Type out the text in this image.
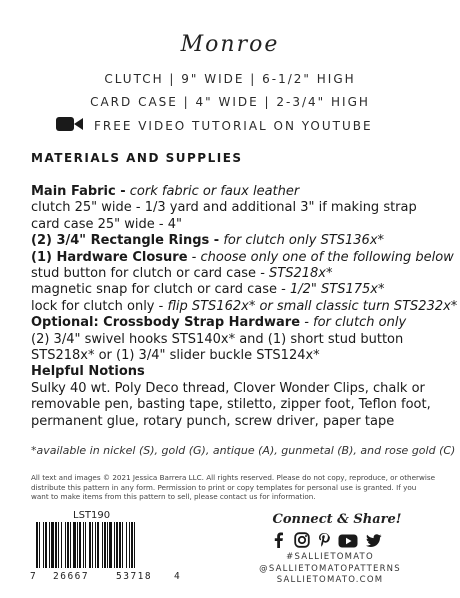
Monroe
CLUTCH | 9" WIDE | 6-1/2" HIGH
CARD CASE | 4" WIDE | 2-3/4" HIGH
FREE VIDEO TUTORIAL ON YOUTUBE
MATERIALS AND SUPPLIES
Main Fabric - cork fabric or faux leather
clutch 25" wide - 1/3 yard and additional 3" if making strap
card case 25" wide - 4"
(2) 3/4" Rectangle Rings - for clutch only STS136x*
(1) Hardware Closure - choose only one of the following below
stud button for clutch or card case - STS218x*
magnetic snap for clutch or card case - 1/2" STS175x*
lock for clutch only - flip STS162x* or small classic turn STS232x*
Optional: Crossbody Strap Hardware - for clutch only
(2) 3/4" swivel hooks STS140x* and (1) short stud button
STS218x* or (1) 3/4" slider buckle STS124x*
Helpful Notions
Sulky 40 wt. Poly Deco thread, Clover Wonder Clips, chalk or removable pen, basting tape, stiletto, zipper foot, Teflon foot, permanent glue, rotary punch, screw driver, paper tape
*available in nickel (S), gold (G), antique (A), gunmetal (B), and rose gold (C)
All text and images © 2021 Jessica Barrera LLC. All rights reserved. Please do not copy, reproduce, or otherwise distribute this pattern in any form. Permission to print or copy templates for personal use is granted. If you want to make items from this pattern to sell, please contact us for information.
LST190
7 26667	53718 4
Connect & Share!
#SALLIETOMATO
@SALLIETOMATOPATTERNS
SALLIETOMATO.COM
